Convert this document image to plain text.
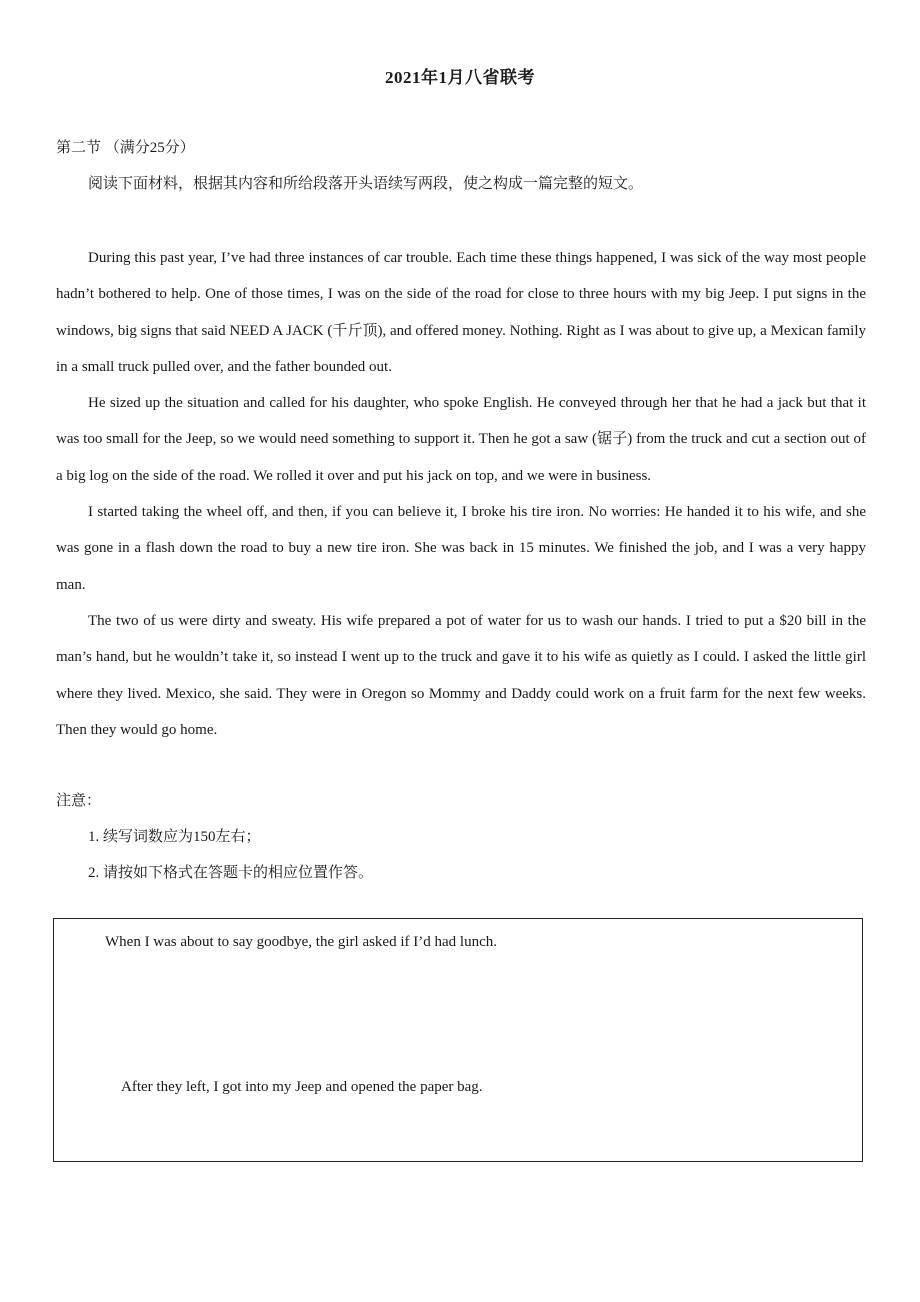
2021年1月八省联考
第二节 （满分25分）
阅读下面材料，根据其内容和所给段落开头语续写两段，使之构成一篇完整的短文。

During this past year, I’ve had three instances of car trouble. Each time these things happened, I was sick of the way most people hadn’t bothered to help. One of those times, I was on the side of the road for close to three hours with my big Jeep. I put signs in the windows, big signs that said NEED A JACK (千斤顶), and offered money. Nothing. Right as I was about to give up, a Mexican family in a small truck pulled over, and the father bounded out.

He sized up the situation and called for his daughter, who spoke English. He conveyed through her that he had a jack but that it was too small for the Jeep, so we would need something to support it. Then he got a saw (锯子) from the truck and cut a section out of a big log on the side of the road. We rolled it over and put his jack on top, and we were in business.

I started taking the wheel off, and then, if you can believe it, I broke his tire iron. No worries: He handed it to his wife, and she was gone in a flash down the road to buy a new tire iron. She was back in 15 minutes. We finished the job, and I was a very happy man.

The two of us were dirty and sweaty. His wife prepared a pot of water for us to wash our hands. I tried to put a $20 bill in the man’s hand, but he wouldn’t take it, so instead I went up to the truck and gave it to his wife as quietly as I could. I asked the little girl where they lived. Mexico, she said. They were in Oregon so Mommy and Daddy could work on a fruit farm for the next few weeks. Then they would go home.

注意：
1. 续写词数应为150左右；
2. 请按如下格式在答题卡的相应位置作答。
When I was about to say goodbye, the girl asked if I’d had lunch.
After they left, I got into my Jeep and opened the paper bag.
